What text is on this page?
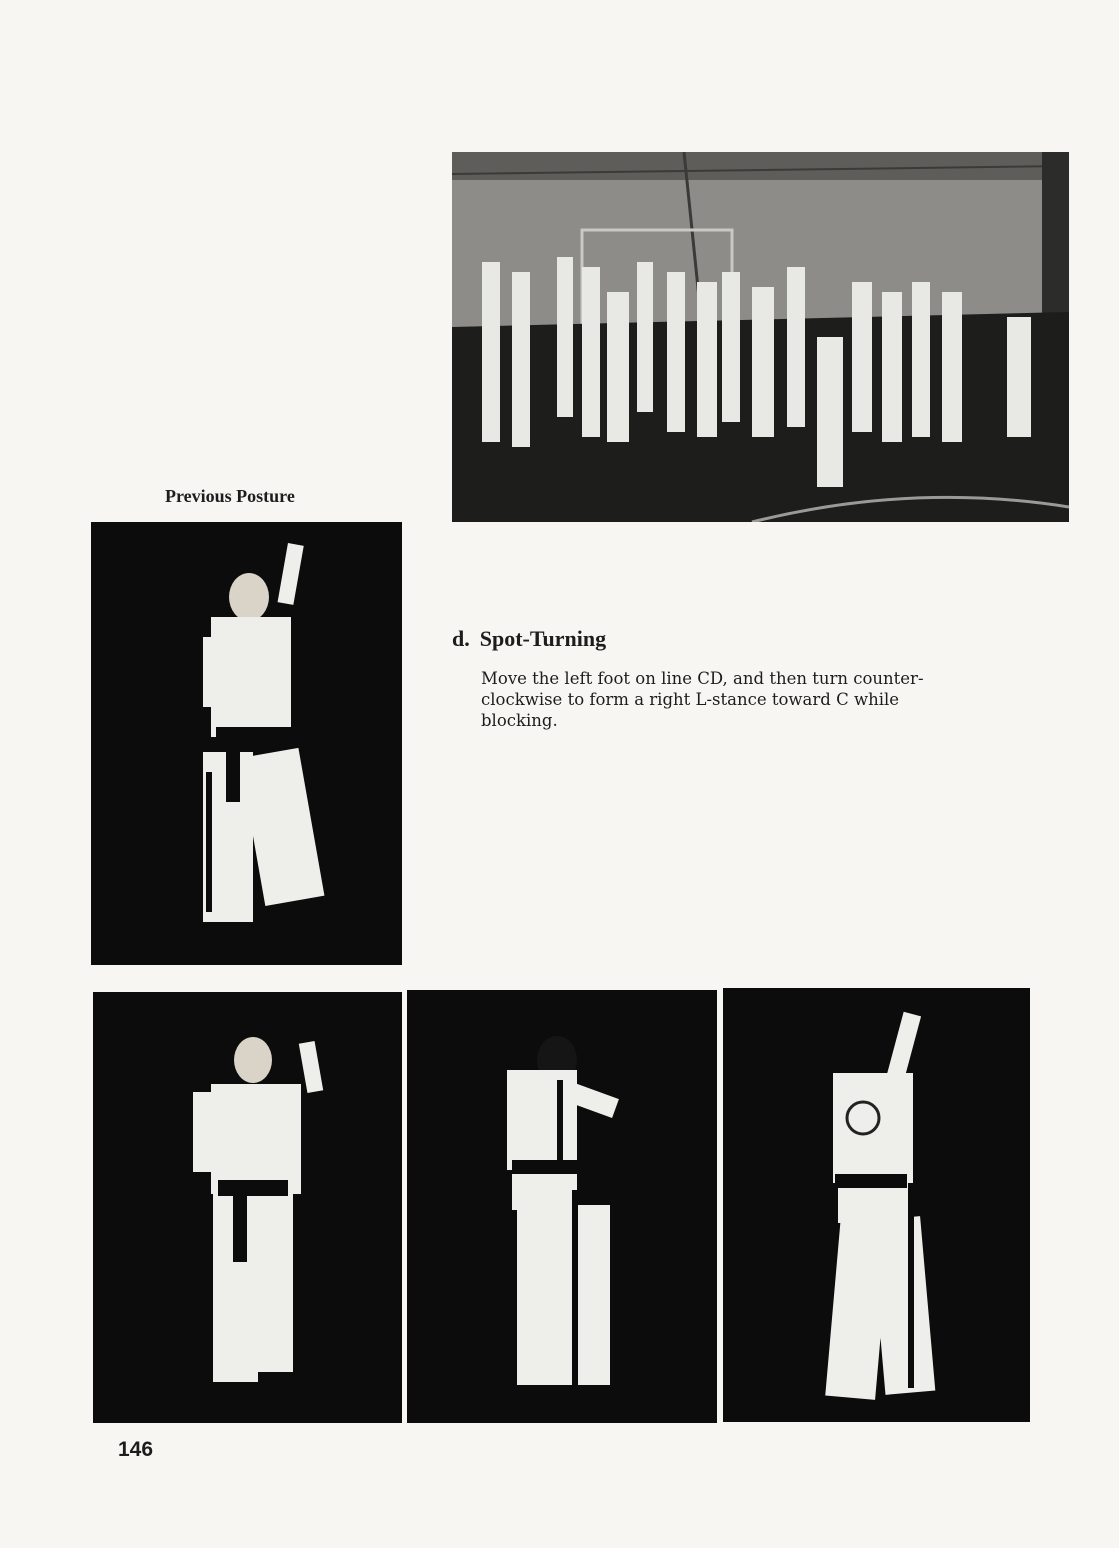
Previous Posture
d. Spot-Turning
Move the left foot on line CD, and then turn counter-
clockwise to form a right L-stance toward C while
blocking.
146
